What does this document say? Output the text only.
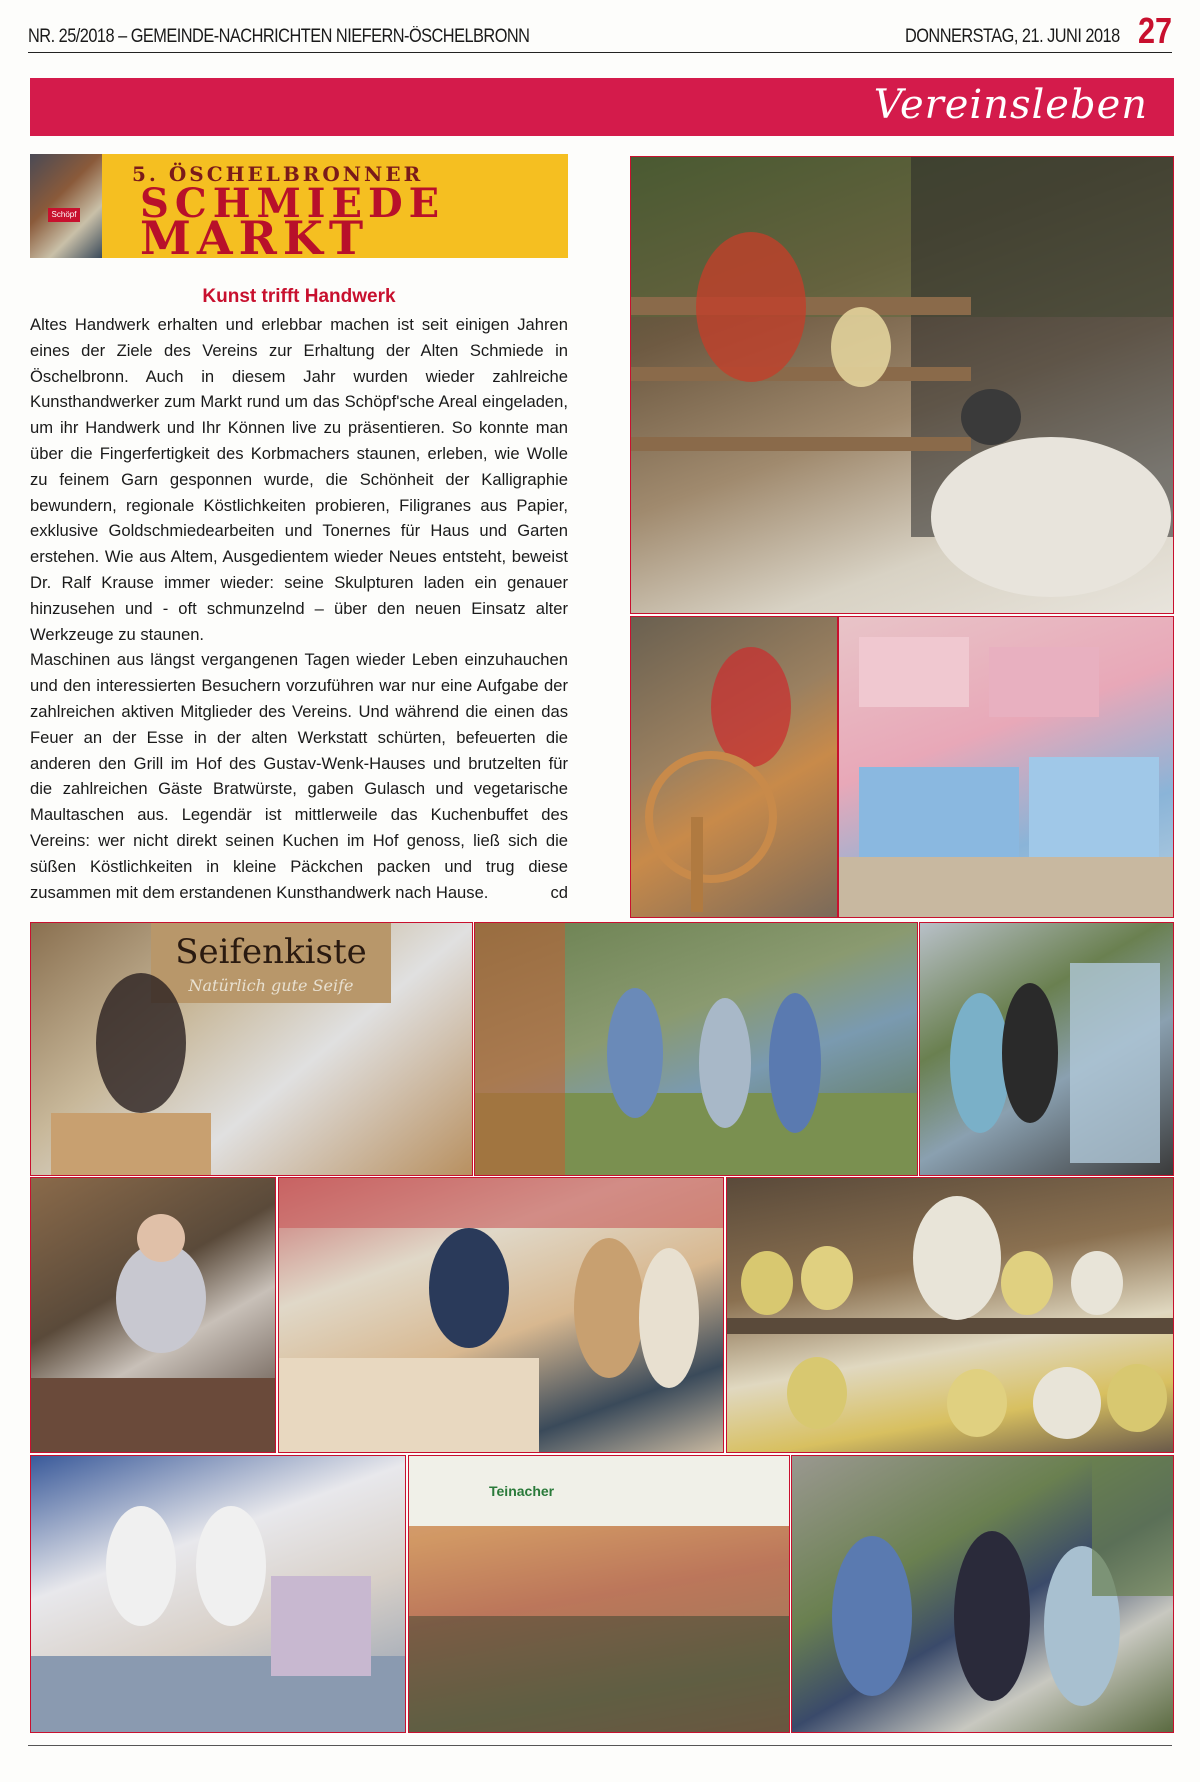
NR. 25/2018 – GEMEINDE-NACHRICHTEN NIEFERN-ÖSCHELBRONN	DONNERSTAG, 21. JUNI 2018 27
Vereinsleben
Schöpf
5. ÖSCHELBRONNER
SCHMIEDE
MARKT
Kunst trifft Handwerk

Altes Handwerk erhalten und erlebbar machen ist seit einigen Jahren eines der Ziele des Vereins zur Erhaltung der Alten Schmiede in Öschelbronn. Auch in diesem Jahr wurden wieder zahlreiche Kunsthandwerker zum Markt rund um das Schöpf'sche Areal eingeladen, um ihr Handwerk und Ihr Können live zu präsentieren. So konnte man über die Fingerfertigkeit des Korbmachers staunen, erleben, wie Wolle zu feinem Garn gesponnen wurde, die Schönheit der Kalligraphie bewundern, regionale Köstlichkeiten probieren, Filigranes aus Papier, exklusive Goldschmiedearbeiten und Tonernes für Haus und Garten erstehen. Wie aus Altem, Ausgedientem wieder Neues entsteht, beweist Dr. Ralf Krause immer wieder: seine Skulpturen laden ein genauer hinzusehen und - oft schmunzelnd – über den neuen Einsatz alter Werkzeuge zu staunen.

Maschinen aus längst vergangenen Tagen wieder Leben einzuhauchen und den interessierten Besuchern vorzuführen war nur eine Aufgabe der zahlreichen aktiven Mitglieder des Vereins. Und während die einen das Feuer an der Esse in der alten Werkstatt schürten, befeuerten die anderen den Grill im Hof des Gustav-Wenk-Hauses und brutzelten für die zahlreichen Gäste Bratwürste, gaben Gulasch und vegetarische Maultaschen aus. Legendär ist mittlerweile das Kuchenbuffet des Vereins: wer nicht direkt seinen Kuchen im Hof genoss, ließ sich die süßen Köstlichkeiten in kleine Päckchen packen und trug diese zusammen mit dem erstandenen Kunsthandwerk nach Hause.	cd

Seifenkiste
Natürlich gute Seife
Teinacher
